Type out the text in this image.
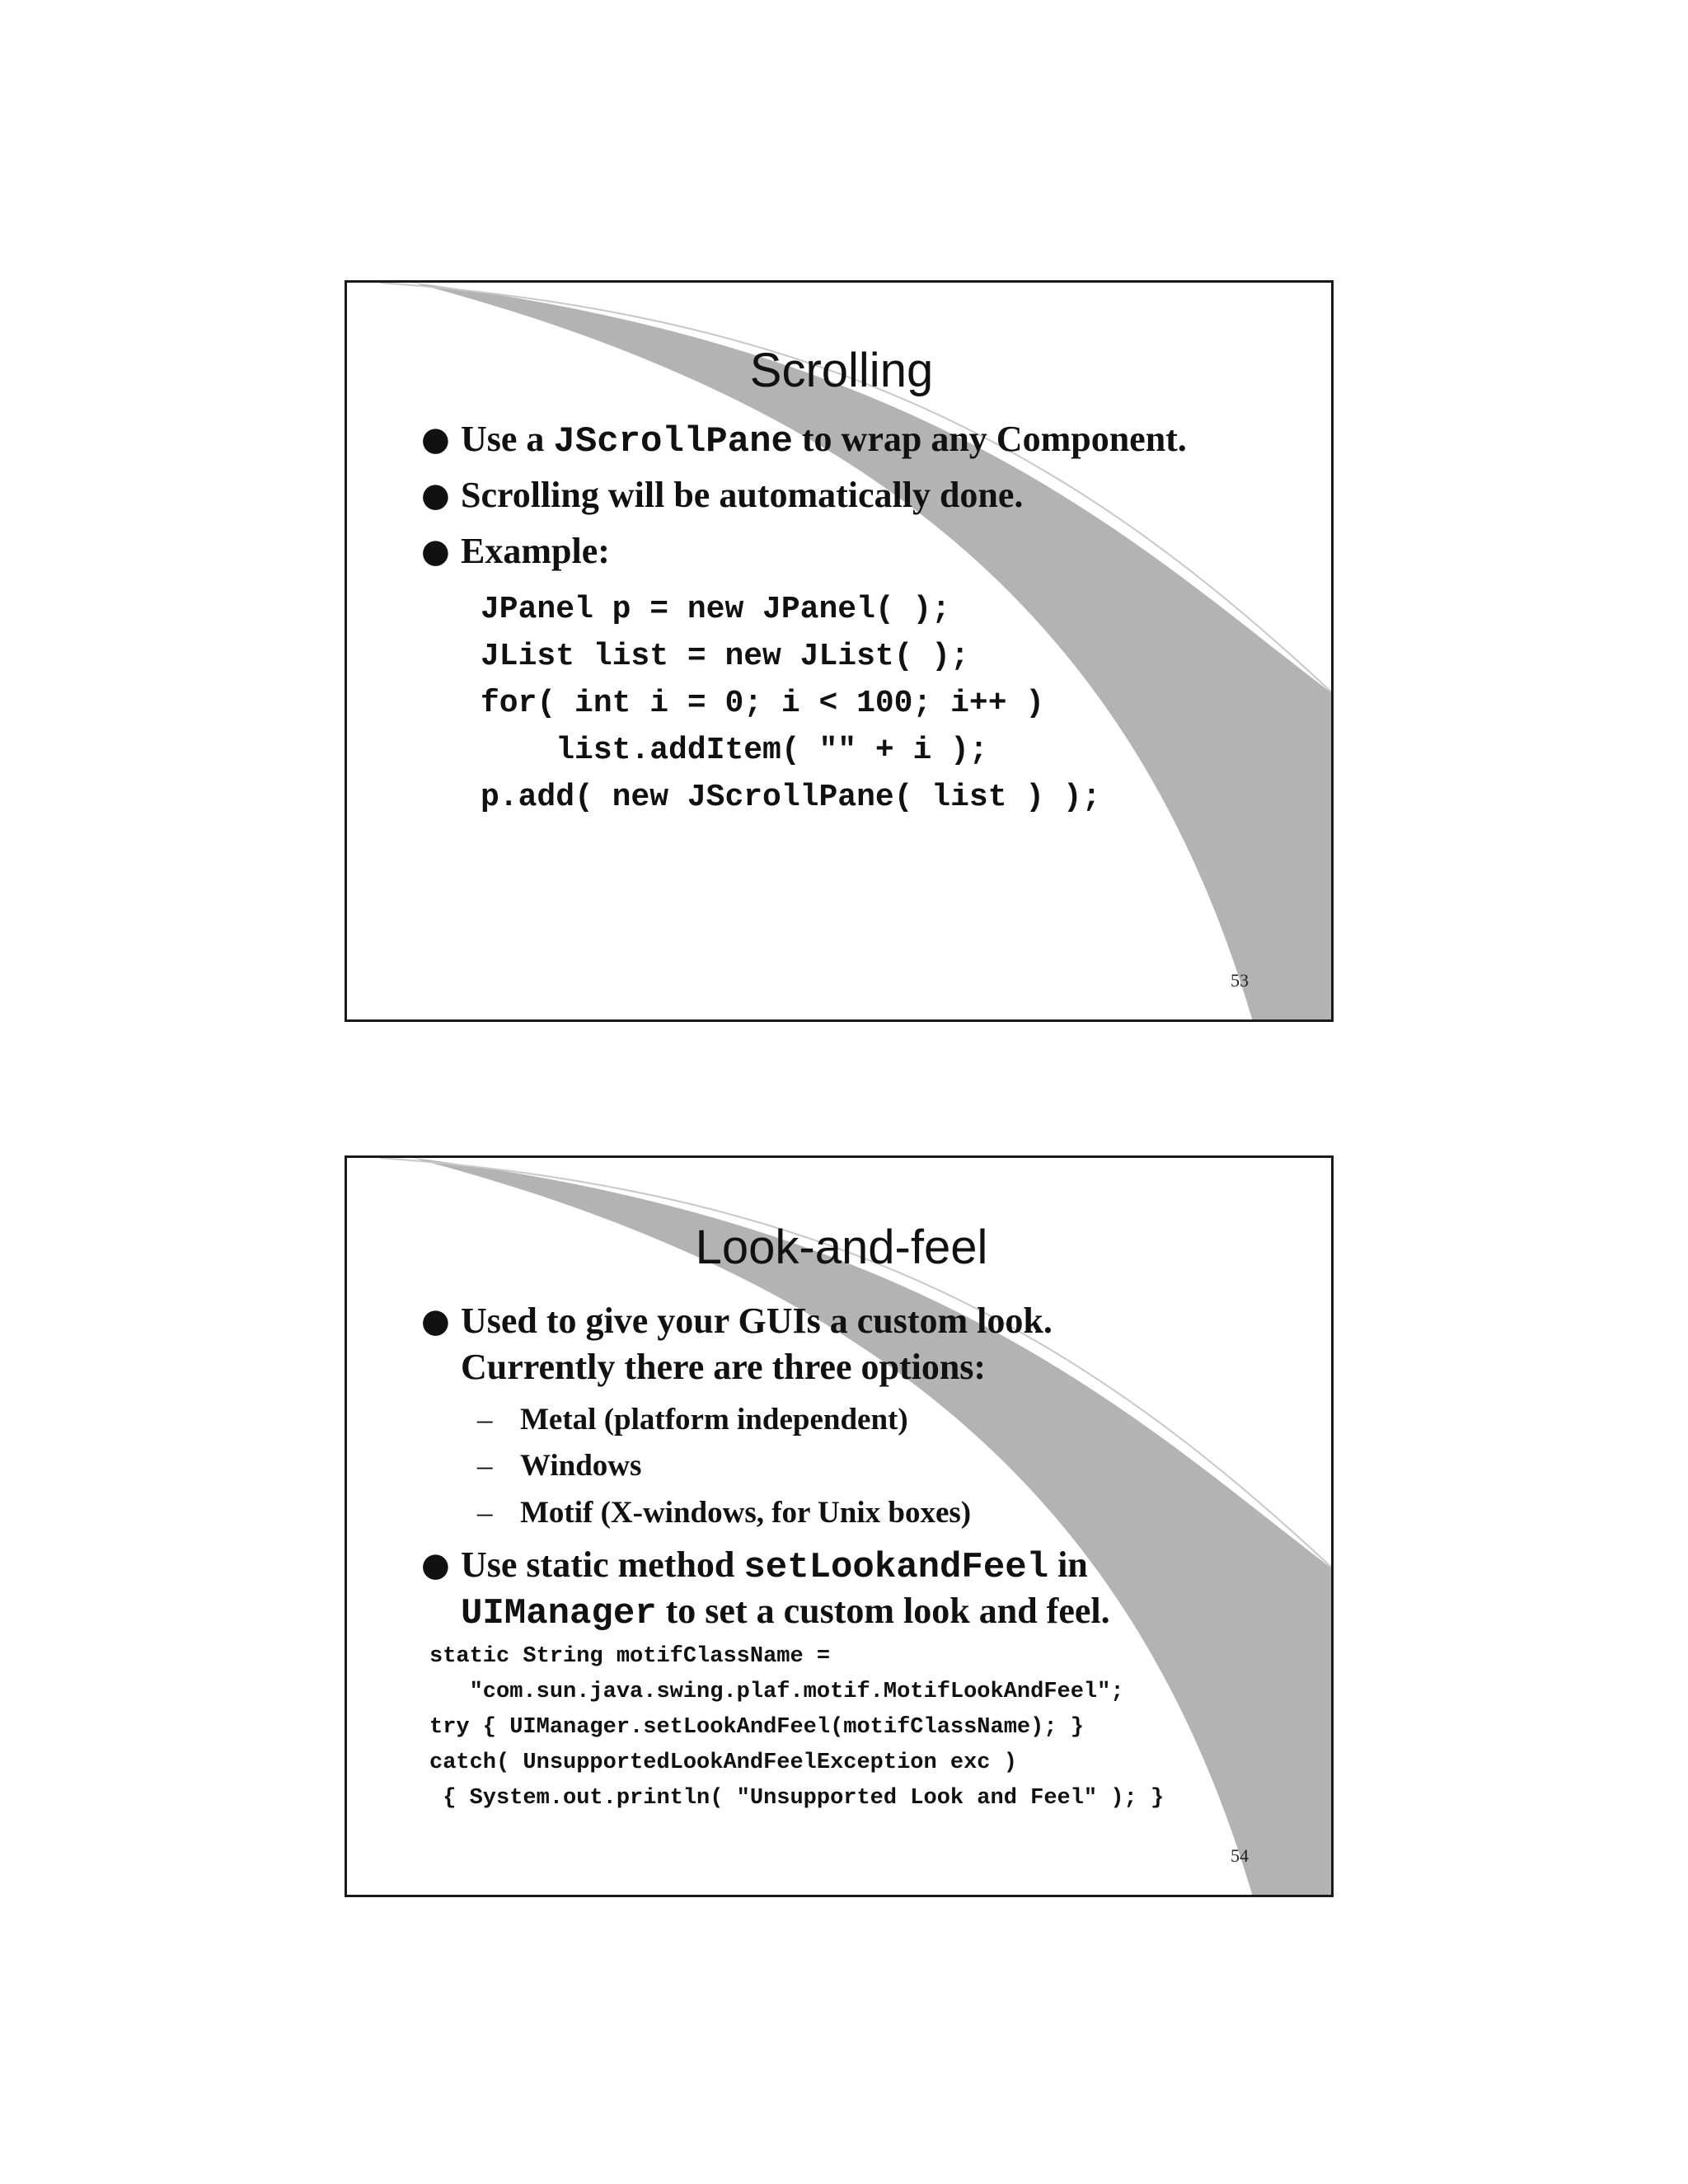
Scrolling
● Use a JScrollPane to wrap any Component.
● Scrolling will be automatically done.
● Example:
JPanel p = new JPanel( );
JList list = new JList( );
for( int i = 0; i < 100; i++ )
list.addItem( "" + i );
p.add( new JScrollPane( list ) );
53
Look-and-feel
● Used to give your GUIs a custom look.
Currently there are three options:
– Metal (platform independent)
– Windows
– Motif (X-windows, for Unix boxes)
● Use static method setLookandFeel in
UIManager to set a custom look and feel.
static String motifClassName =
"com.sun.java.swing.plaf.motif.MotifLookAndFeel";
try { UIManager.setLookAndFeel(motifClassName); }
catch( UnsupportedLookAndFeelException exc )
{ System.out.println( "Unsupported Look and Feel" ); }
54
